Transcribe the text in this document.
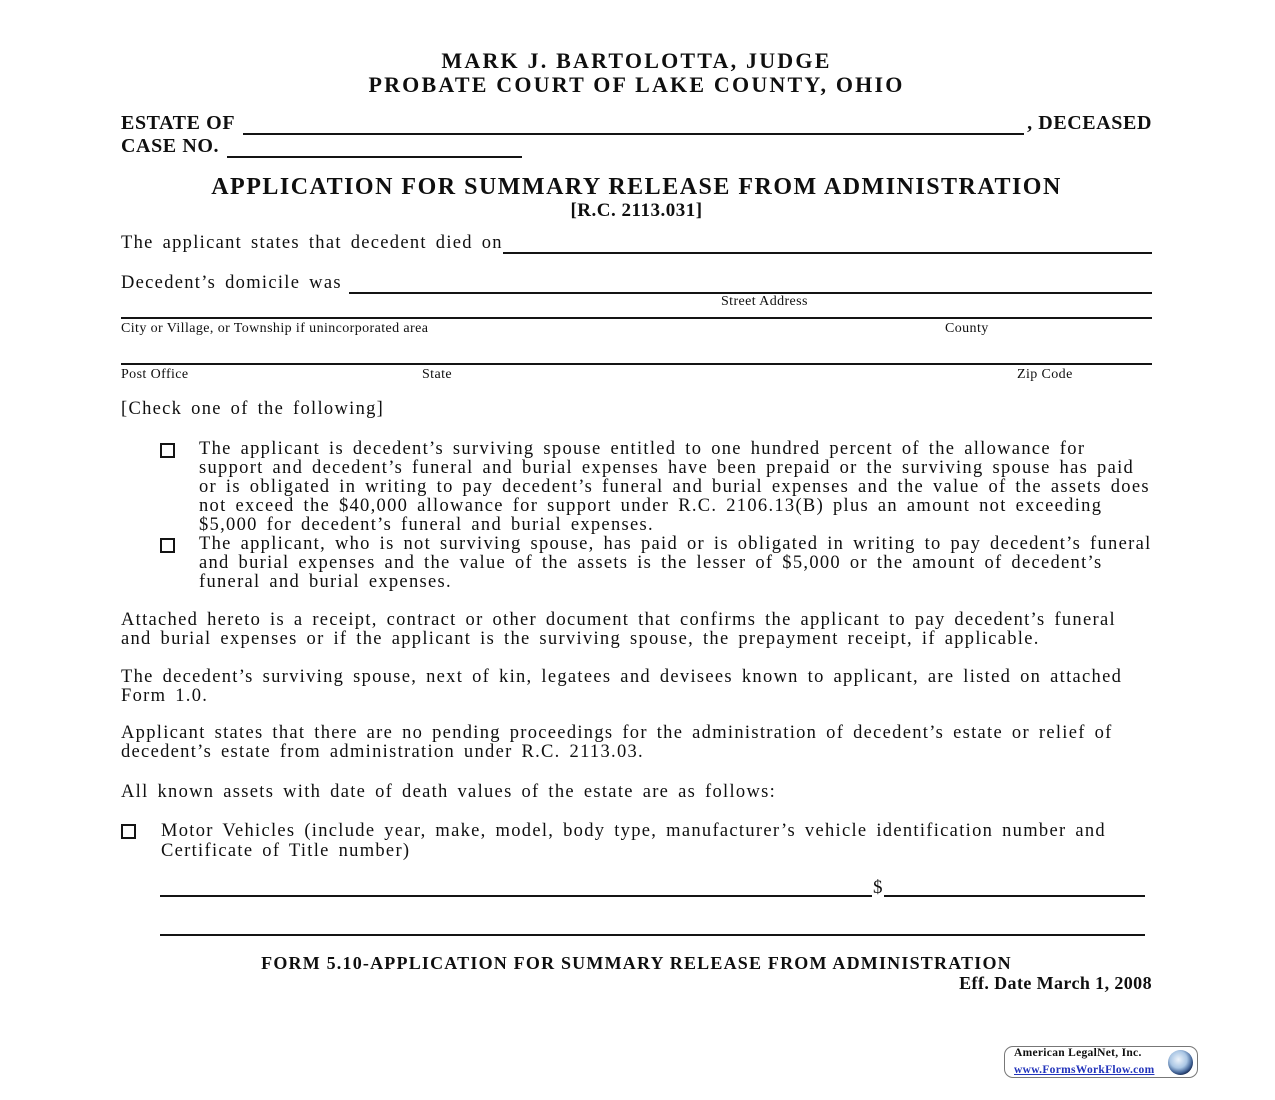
MARK J. BARTOLOTTA, JUDGE
PROBATE COURT OF LAKE COUNTY, OHIO
ESTATE OF	, DECEASED
CASE NO.
APPLICATION FOR SUMMARY RELEASE FROM ADMINISTRATION
[R.C. 2113.031]
The applicant states that decedent died on
Decedent’s domicile was
Street Address
City or Village, or Township if unincorporated area	County
Post Office	State	Zip Code
[Check one of the following]
The applicant is decedent’s surviving spouse entitled to one hundred percent of the allowance for support and decedent’s funeral and burial expenses have been prepaid or the surviving spouse has paid or is obligated in writing to pay decedent’s funeral and burial expenses and the value of the assets does not exceed the $40,000 allowance for support under R.C. 2106.13(B) plus an amount not exceeding $5,000 for decedent’s funeral and burial expenses.
The applicant, who is not surviving spouse, has paid or is obligated in writing to pay decedent’s funeral and burial expenses and the value of the assets is the lesser of $5,000 or the amount of decedent’s funeral and burial expenses.
Attached hereto is a receipt, contract or other document that confirms the applicant to pay decedent’s funeral and burial expenses or if the applicant is the surviving spouse, the prepayment receipt, if applicable.
The decedent’s surviving spouse, next of kin, legatees and devisees known to applicant, are listed on attached Form 1.0.
Applicant states that there are no pending proceedings for the administration of decedent’s estate or relief of decedent’s estate from administration under R.C. 2113.03.
All known assets with date of death values of the estate are as follows:
Motor Vehicles (include year, make, model, body type, manufacturer’s vehicle identification number and Certificate of Title number)
$
FORM 5.10-APPLICATION FOR SUMMARY RELEASE FROM ADMINISTRATION
Eff. Date March 1, 2008
American LegalNet, Inc.
www.FormsWorkFlow.com
